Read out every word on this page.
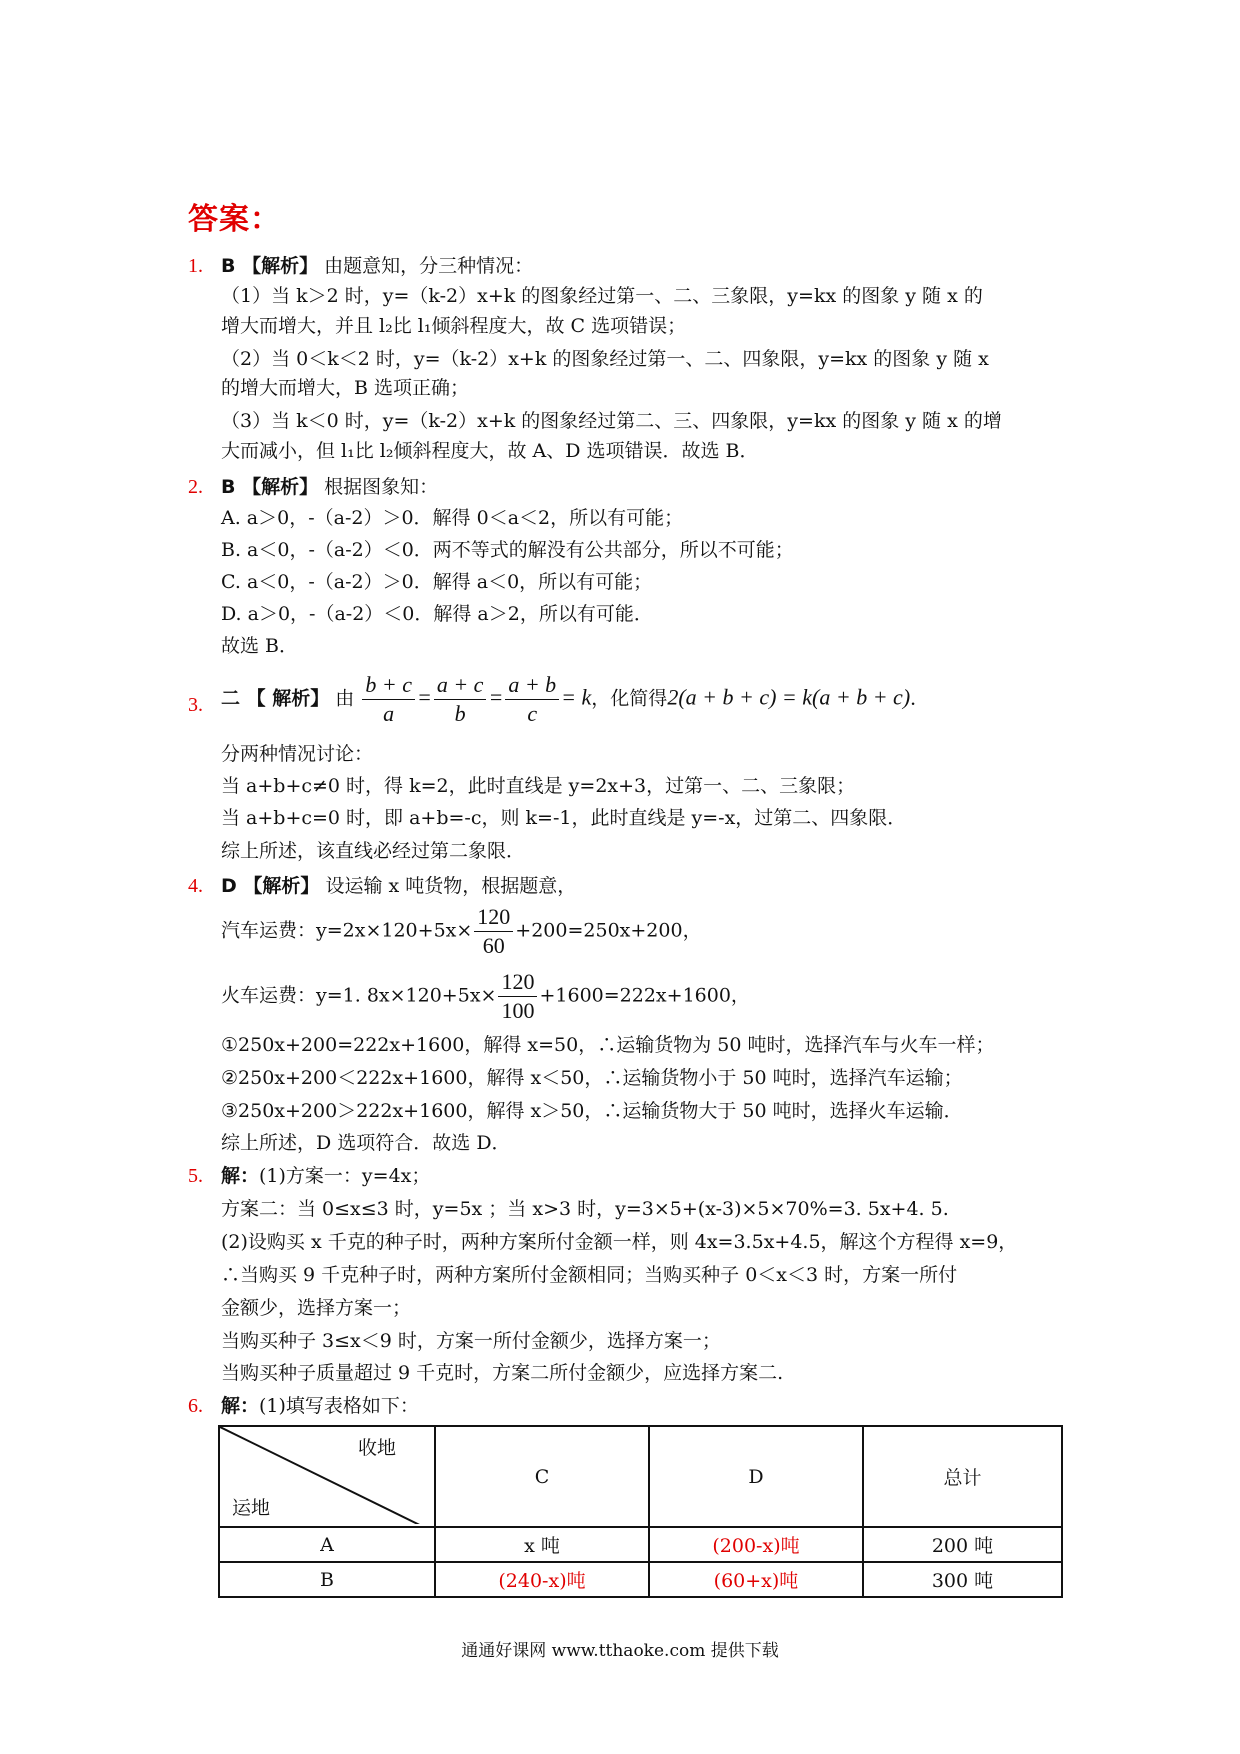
答案：
1. B 【解析】 由题意知，分三种情况：
（1）当 k＞2 时，y=（k-2）x+k 的图象经过第一、二、三象限，y=kx 的图象 y 随 x 的
增大而增大，并且 l₂比 l₁倾斜程度大，故 C 选项错误；
（2）当 0＜k＜2 时，y=（k-2）x+k 的图象经过第一、二、四象限，y=kx 的图象 y 随 x
的增大而增大，B 选项正确；
（3）当 k＜0 时，y=（k-2）x+k 的图象经过第二、三、四象限，y=kx 的图象 y 随 x 的增
大而减小，但 l₁比 l₂倾斜程度大，故 A、D 选项错误．故选 B．
2. B 【解析】 根据图象知：
A. a＞0，-（a-2）＞0．解得 0＜a＜2，所以有可能；
B. a＜0，-（a-2）＜0．两不等式的解没有公共部分，所以不可能；
C. a＜0，-（a-2）＞0．解得 a＜0，所以有可能；
D. a＞0，-（a-2）＜0．解得 a＞2，所以有可能．
故选 B．
3. 二 【 解析】 由 $\frac{b + c}{a} = \frac{a + c}{b} = \frac{a + b}{c} = k$，化简得2(a + b + c) = k(a + b + c)．
分两种情况讨论：
当 a+b+c≠0 时，得 k=2，此时直线是 y=2x+3，过第一、二、三象限；
当 a+b+c=0 时，即 a+b=-c，则 k=-1，此时直线是 y=-x，过第二、四象限．
综上所述，该直线必经过第二象限．
4. D 【解析】 设运输 x 吨货物，根据题意，
汽车运费：$y=2x\times 120+5x\times \frac{120}{60} +200=250x+200$，
火车运费：y=1. $8x\times 120+5x\times \frac{120}{100} +1600=222x+1600$，
①250x+200=222x+1600，解得 x=50，∴运输货物为 50 吨时，选择汽车与火车一样；
②250x+200＜222x+1600，解得 x＜50，∴运输货物小于 50 吨时，选择汽车运输；
③250x+200＞222x+1600，解得 x＞50，∴运输货物大于 50 吨时，选择火车运输．
综上所述，D 选项符合．故选 D．
5. 解：(1)方案一：y=4x；
方案二：当 0≤x≤3 时，y=5x ；当 x>3 时，y=3×5+(x-3)×5×70%=3. 5x+4. 5.
(2)设购买 x 千克的种子时，两种方案所付金额一样，则 4x=3.5x+4.5，解这个方程得 x=9，
∴当购买 9 千克种子时，两种方案所付金额相同；当购买种子 0＜x＜3 时，方案一所付
金额少，选择方案一；
当购买种子 3≤x＜9 时，方案一所付金额少，选择方案一；
当购买种子质量超过 9 千克时，方案二所付金额少，应选择方案二.
6. 解：(1)填写表格如下：
收地
运地	C	D	总计
A	x 吨	(200-x)吨	200 吨
B	(240-x)吨	(60+x)吨	300 吨
通通好课网 www.tthaoke.com 提供下载
